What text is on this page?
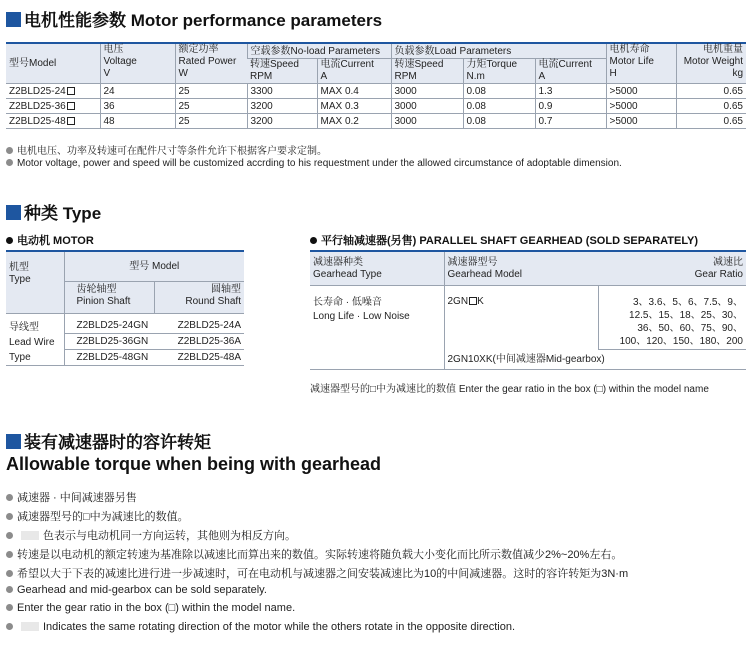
电机性能参数 Motor performance parameters
型号Model	电压
Voltage
V	额定功率
Rated Power
W	空载参数No-load Parameters		负载参数Load Parameters			电机寿命
Motor Life
H	电机重量
Motor Weight
kg
			转速Speed
RPM	电流Current
A	转速Speed
RPM	力矩Torque
N.m	电流Current
A		
Z2BLD25-24	24	25	3300	MAX 0.4	3000	0.08	1.3	>5000	0.65
Z2BLD25-36	36	25	3200	MAX 0.3	3000	0.08	0.9	>5000	0.65
Z2BLD25-48	48	25	3200	MAX 0.2	3000	0.08	0.7	>5000	0.65
电机电压、功率及转速可在配件尺寸等条件允许下根据客户要求定制。
Motor voltage, power and speed will be customized accrding to his requestment under the allowed circumstance of adoptable dimension.
种类 Type
电动机 MOTOR	平行轴减速器(另售) PARALLEL SHAFT GEARHEAD (SOLD SEPARATELY)
机型
Type	型号 Model	
	齿轮轴型
Pinion Shaft	圆轴型
Round Shaft
导线型
Lead Wire
Type	Z2BLD25-24GN	Z2BLD25-24A
	Z2BLD25-36GN	Z2BLD25-36A
	Z2BLD25-48GN	Z2BLD25-48A
减速器种类
Gearhead Type	减速器型号
Gearhead Model	减速比
Gear Ratio
长寿命 · 低噪音
Long Life · Low Noise	2GN K	3、3.6、5、6、7.5、9、
12.5、15、18、25、30、
36、50、60、75、90、
100、120、150、180、200
	2GN10XK(中间减速器Mid-gearbox)	
减速器型号的□中为减速比的数值 Enter the gear ratio in the box (□) within the model name
装有减速器时的容许转矩
Allowable torque when being with gearhead
减速器 · 中间减速器另售
减速器型号的□中为减速比的数值。
色表示与电动机同一方向运转，其他则为相反方向。
转速是以电动机的额定转速为基准除以减速比而算出来的数值。实际转速将随负载大小变化而比所示数值减少2%~20%左右。
希望以大于下表的减速比进行进一步减速时，可在电动机与减速器之间安装减速比为10的中间减速器。这时的容许转矩为3N·m
Gearhead and mid-gearbox can be sold separately.
Enter the gear ratio in the box (□) within the model name.
Indicates the same rotating direction of the motor while the others rotate in the opposite direction.
